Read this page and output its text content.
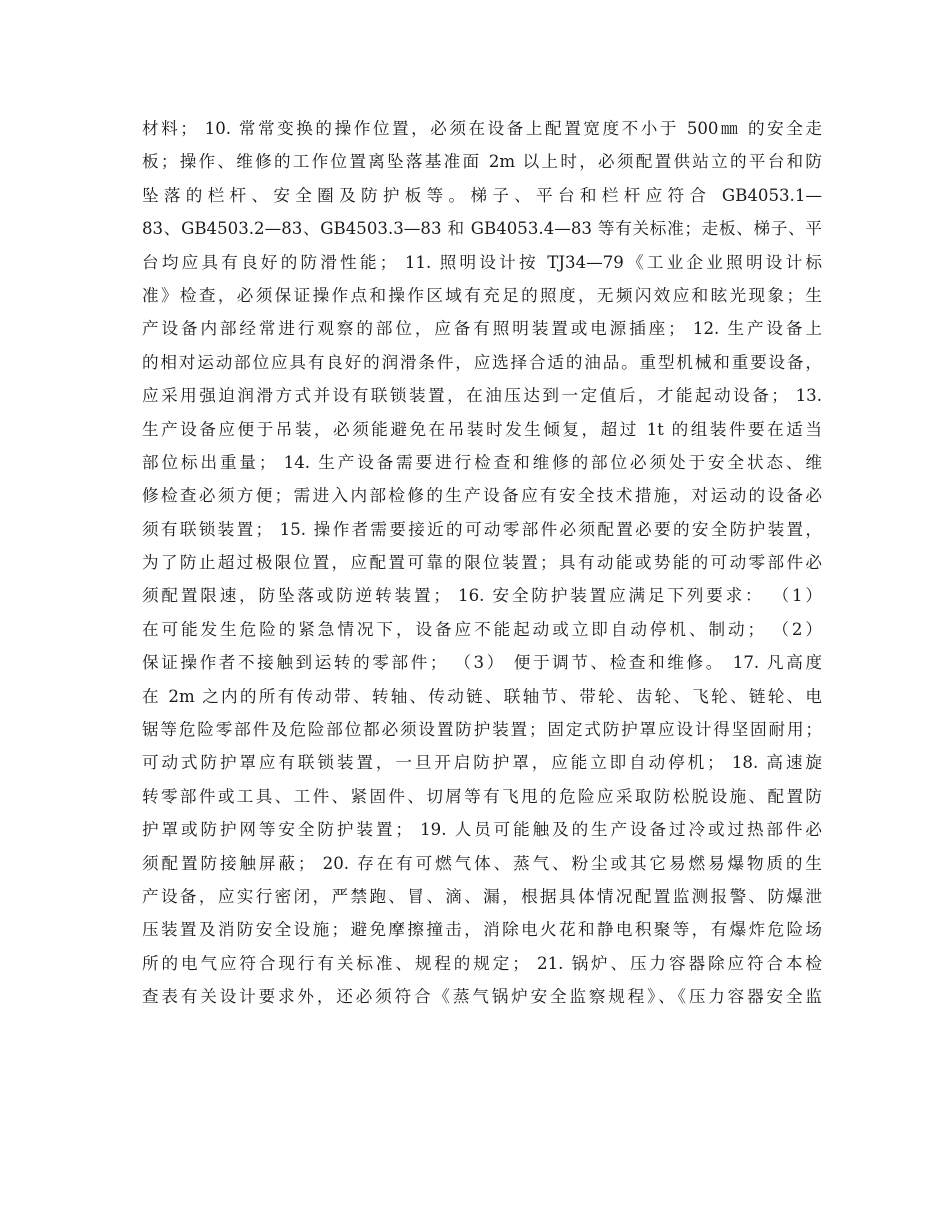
材料； 10. 常常变换的操作位置，必须在设备上配置宽度不小于 500㎜ 的安全走
板；操作、维修的工作位置离坠落基准面 2m 以上时，必须配置供站立的平台和防
坠落的栏杆、安全圈及防护板等。梯子、平台和栏杆应符合 GB4053.1—
83、GB4503.2—83、GB4503.3—83 和 GB4053.4—83 等有关标准；走板、梯子、平
台均应具有良好的防滑性能； 11. 照明设计按 TJ34—79《工业企业照明设计标
准》检查，必须保证操作点和操作区域有充足的照度，无频闪效应和眩光现象；生
产设备内部经常进行观察的部位，应备有照明装置或电源插座； 12. 生产设备上
的相对运动部位应具有良好的润滑条件，应选择合适的油品。重型机械和重要设备，
应采用强迫润滑方式并设有联锁装置，在油压达到一定值后，才能起动设备； 13.
生产设备应便于吊装，必须能避免在吊装时发生倾复，超过 1t 的组装件要在适当
部位标出重量； 14. 生产设备需要进行检查和维修的部位必须处于安全状态、维
修检查必须方便；需进入内部检修的生产设备应有安全技术措施，对运动的设备必
须有联锁装置； 15. 操作者需要接近的可动零部件必须配置必要的安全防护装置，
为了防止超过极限位置，应配置可靠的限位装置；具有动能或势能的可动零部件必
须配置限速，防坠落或防逆转装置； 16. 安全防护装置应满足下列要求： （1）
在可能发生危险的紧急情况下，设备应不能起动或立即自动停机、制动； （2）
保证操作者不接触到运转的零部件； （3） 便于调节、检查和维修。 17. 凡高度
在 2m 之内的所有传动带、转轴、传动链、联轴节、带轮、齿轮、飞轮、链轮、电
锯等危险零部件及危险部位都必须设置防护装置；固定式防护罩应设计得坚固耐用；
可动式防护罩应有联锁装置，一旦开启防护罩，应能立即自动停机； 18. 高速旋
转零部件或工具、工件、紧固件、切屑等有飞甩的危险应采取防松脱设施、配置防
护罩或防护网等安全防护装置； 19. 人员可能触及的生产设备过冷或过热部件必
须配置防接触屏蔽； 20. 存在有可燃气体、蒸气、粉尘或其它易燃易爆物质的生
产设备，应实行密闭，严禁跑、冒、滴、漏，根据具体情况配置监测报警、防爆泄
压装置及消防安全设施；避免摩擦撞击，消除电火花和静电积聚等，有爆炸危险场
所的电气应符合现行有关标准、规程的规定； 21. 锅炉、压力容器除应符合本检
查表有关设计要求外，还必须符合《蒸气锅炉安全监察规程》、《压力容器安全监
